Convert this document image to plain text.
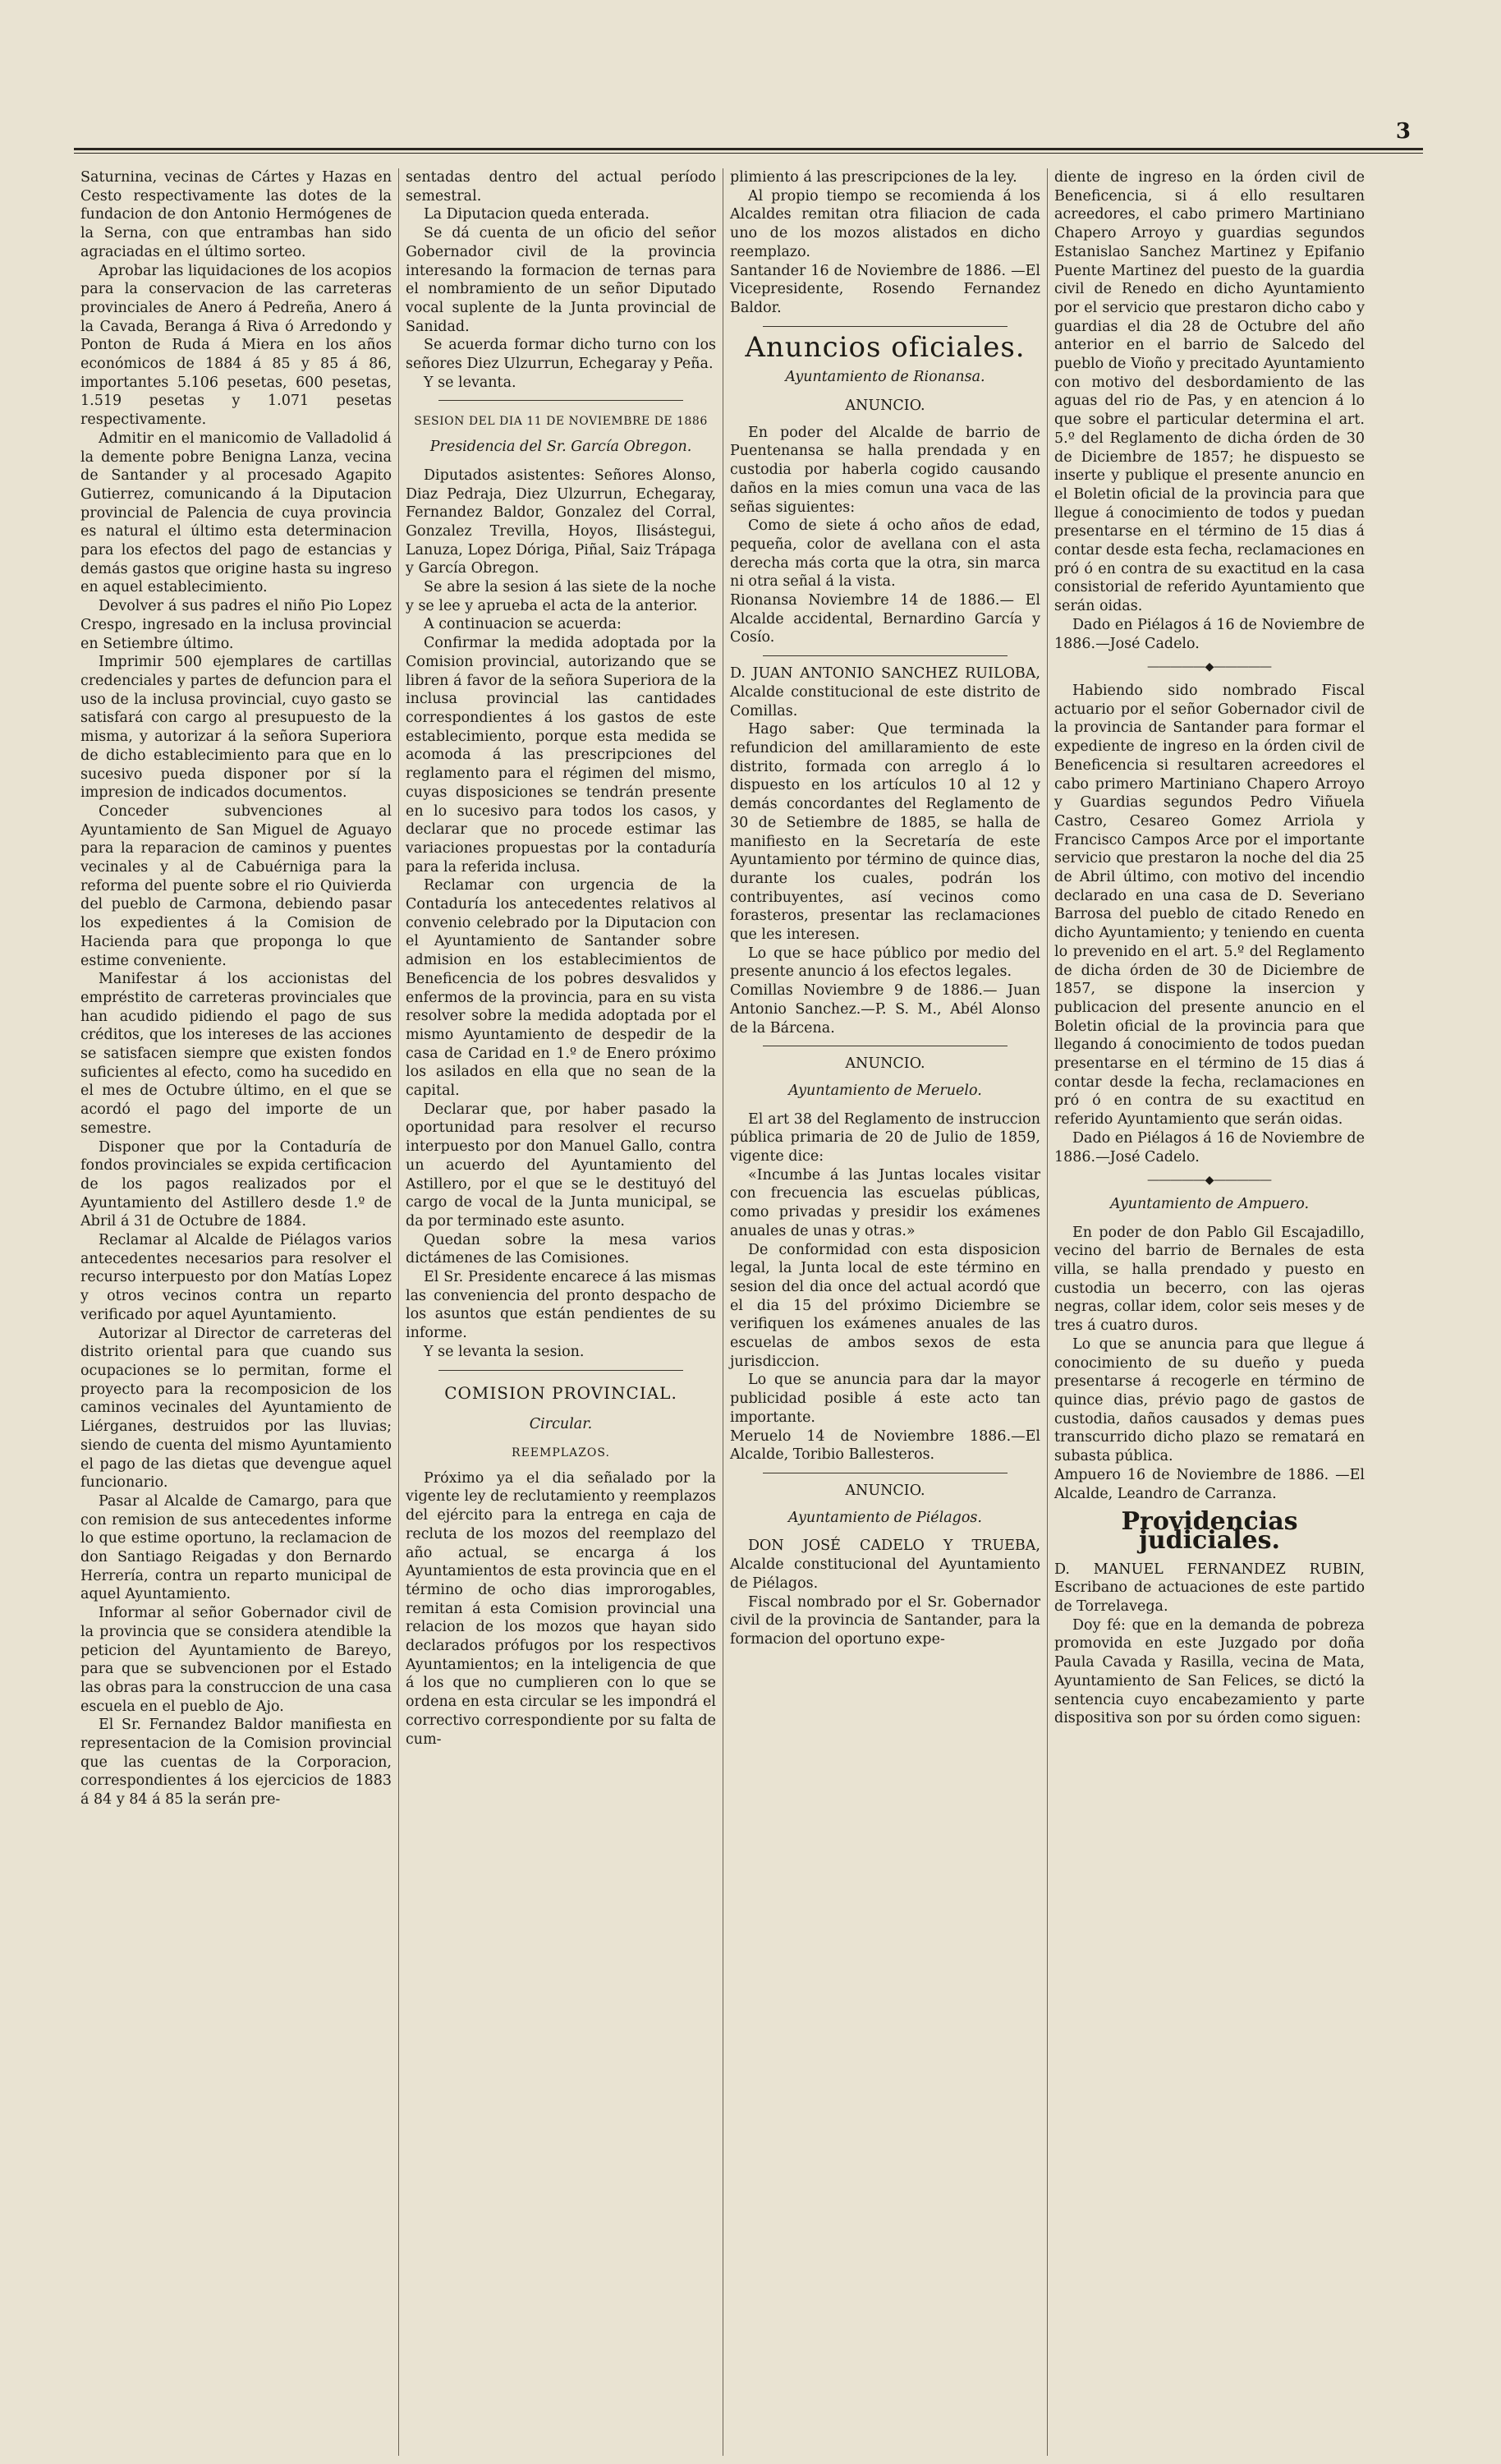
3

Saturnina, vecinas de Cártes y Hazas en Cesto respectivamente las dotes de la fundacion de don Antonio Hermógenes de la Serna, con que entrambas han sido agraciadas en el último sorteo.

Aprobar las liquidaciones de los acopios para la conservacion de las carreteras provinciales de Anero á Pedreña, Anero á la Cavada, Beranga á Riva ó Arredondo y Ponton de Ruda á Miera en los años económicos de 1884 á 85 y 85 á 86, importantes 5.106 pesetas, 600 pesetas, 1.519 pesetas y 1.071 pesetas respectivamente.

Admitir en el manicomio de Valladolid á la demente pobre Benigna Lanza, vecina de Santander y al procesado Agapito Gutierrez, comunicando á la Diputacion provincial de Palencia de cuya provincia es natural el último esta determinacion para los efectos del pago de estancias y demás gastos que origine hasta su ingreso en aquel establecimiento.

Devolver á sus padres el niño Pio Lopez Crespo, ingresado en la inclusa provincial en Setiembre último.

Imprimir 500 ejemplares de cartillas credenciales y partes de defuncion para el uso de la inclusa provincial, cuyo gasto se satisfará con cargo al presupuesto de la misma, y autorizar á la señora Superiora de dicho establecimiento para que en lo sucesivo pueda disponer por sí la impresion de indicados documentos.

Conceder subvenciones al Ayuntamiento de San Miguel de Aguayo para la reparacion de caminos y puentes vecinales y al de Cabuérniga para la reforma del puente sobre el rio Quivierda del pueblo de Carmona, debiendo pasar los expedientes á la Comision de Hacienda para que proponga lo que estime conveniente.

Manifestar á los accionistas del empréstito de carreteras provinciales que han acudido pidiendo el pago de sus créditos, que los intereses de las acciones se satisfacen siempre que existen fondos suficientes al efecto, como ha sucedido en el mes de Octubre último, en el que se acordó el pago del importe de un semestre.

Disponer que por la Contaduría de fondos provinciales se expida certificacion de los pagos realizados por el Ayuntamiento del Astillero desde 1.º de Abril á 31 de Octubre de 1884.

Reclamar al Alcalde de Piélagos varios antecedentes necesarios para resolver el recurso interpuesto por don Matías Lopez y otros vecinos contra un reparto verificado por aquel Ayuntamiento.

Autorizar al Director de carreteras del distrito oriental para que cuando sus ocupaciones se lo permitan, forme el proyecto para la recomposicion de los caminos vecinales del Ayuntamiento de Liérganes, destruidos por las lluvias; siendo de cuenta del mismo Ayuntamiento el pago de las dietas que devengue aquel funcionario.

Pasar al Alcalde de Camargo, para que con remision de sus antecedentes informe lo que estime oportuno, la reclamacion de don Santiago Reigadas y don Bernardo Herrería, contra un reparto municipal de aquel Ayuntamiento.

Informar al señor Gobernador civil de la provincia que se considera atendible la peticion del Ayuntamiento de Bareyo, para que se subvencionen por el Estado las obras para la construccion de una casa escuela en el pueblo de Ajo.

El Sr. Fernandez Baldor manifiesta en representacion de la Comision provincial que las cuentas de la Corporacion, correspondientes á los ejercicios de 1883 á 84 y 84 á 85 la serán pre-

sentadas dentro del actual período semestral.

La Diputacion queda enterada.

Se dá cuenta de un oficio del señor Gobernador civil de la provincia interesando la formacion de ternas para el nombramiento de un señor Diputado vocal suplente de la Junta provincial de Sanidad.

Se acuerda formar dicho turno con los señores Diez Ulzurrun, Echegaray y Peña.

Y se levanta.

SESION DEL DIA 11 DE NOVIEMBRE DE 1886

Presidencia del Sr. García Obregon.

Diputados asistentes: Señores Alonso, Diaz Pedraja, Diez Ulzurrun, Echegaray, Fernandez Baldor, Gonzalez del Corral, Gonzalez Trevilla, Hoyos, Ilisástegui, Lanuza, Lopez Dóriga, Piñal, Saiz Trápaga y García Obregon.

Se abre la sesion á las siete de la noche y se lee y aprueba el acta de la anterior.

A continuacion se acuerda:

Confirmar la medida adoptada por la Comision provincial, autorizando que se libren á favor de la señora Superiora de la inclusa provincial las cantidades correspondientes á los gastos de este establecimiento, porque esta medida se acomoda á las prescripciones del reglamento para el régimen del mismo, cuyas disposiciones se tendrán presente en lo sucesivo para todos los casos, y declarar que no procede estimar las variaciones propuestas por la contaduría para la referida inclusa.

Reclamar con urgencia de la Contaduría los antecedentes relativos al convenio celebrado por la Diputacion con el Ayuntamiento de Santander sobre admision en los establecimientos de Beneficencia de los pobres desvalidos y enfermos de la provincia, para en su vista resolver sobre la medida adoptada por el mismo Ayuntamiento de despedir de la casa de Caridad en 1.º de Enero próximo los asilados en ella que no sean de la capital.

Declarar que, por haber pasado la oportunidad para resolver el recurso interpuesto por don Manuel Gallo, contra un acuerdo del Ayuntamiento del Astillero, por el que se le destituyó del cargo de vocal de la Junta municipal, se da por terminado este asunto.

Quedan sobre la mesa varios dictámenes de las Comisiones.

El Sr. Presidente encarece á las mismas las conveniencia del pronto despacho de los asuntos que están pendientes de su informe.

Y se levanta la sesion.

COMISION PROVINCIAL.

Circular.

REEMPLAZOS.

Próximo ya el dia señalado por la vigente ley de reclutamiento y reemplazos del ejército para la entrega en caja de recluta de los mozos del reemplazo del año actual, se encarga á los Ayuntamientos de esta provincia que en el término de ocho dias improrogables, remitan á esta Comision provincial una relacion de los mozos que hayan sido declarados prófugos por los respectivos Ayuntamientos; en la inteligencia de que á los que no cumplieren con lo que se ordena en esta circular se les impondrá el correctivo correspondiente por su falta de cum-

plimiento á las prescripciones de la ley.

Al propio tiempo se recomienda á los Alcaldes remitan otra filiacion de cada uno de los mozos alistados en dicho reemplazo.

Santander 16 de Noviembre de 1886. —El Vicepresidente, Rosendo Fernandez Baldor.

Anuncios oficiales.

Ayuntamiento de Rionansa.

ANUNCIO.

En poder del Alcalde de barrio de Puentenansa se halla prendada y en custodia por haberla cogido causando daños en la mies comun una vaca de las señas siguientes:

Como de siete á ocho años de edad, pequeña, color de avellana con el asta derecha más corta que la otra, sin marca ni otra señal á la vista.

Rionansa Noviembre 14 de 1886.— El Alcalde accidental, Bernardino García y Cosío.

D. JUAN ANTONIO SANCHEZ RUILOBA, Alcalde constitucional de este distrito de Comillas.

Hago saber: Que terminada la refundicion del amillaramiento de este distrito, formada con arreglo á lo dispuesto en los artículos 10 al 12 y demás concordantes del Reglamento de 30 de Setiembre de 1885, se halla de manifiesto en la Secretaría de este Ayuntamiento por término de quince dias, durante los cuales, podrán los contribuyentes, así vecinos como forasteros, presentar las reclamaciones que les interesen.

Lo que se hace público por medio del presente anuncio á los efectos legales.

Comillas Noviembre 9 de 1886.— Juan Antonio Sanchez.—P. S. M., Abél Alonso de la Bárcena.

ANUNCIO.

Ayuntamiento de Meruelo.

El art 38 del Reglamento de instruccion pública primaria de 20 de Julio de 1859, vigente dice:

«Incumbe á las Juntas locales visitar con frecuencia las escuelas públicas, como privadas y presidir los exámenes anuales de unas y otras.»

De conformidad con esta disposicion legal, la Junta local de este término en sesion del dia once del actual acordó que el dia 15 del próximo Diciembre se verifiquen los exámenes anuales de las escuelas de ambos sexos de esta jurisdiccion.

Lo que se anuncia para dar la mayor publicidad posible á este acto tan importante.

Meruelo 14 de Noviembre 1886.—El Alcalde, Toribio Ballesteros.

ANUNCIO.

Ayuntamiento de Piélagos.

DON JOSÉ CADELO Y TRUEBA, Alcalde constitucional del Ayuntamiento de Piélagos.

Fiscal nombrado por el Sr. Gobernador civil de la provincia de Santander, para la formacion del oportuno expe-

diente de ingreso en la órden civil de Beneficencia, si á ello resultaren acreedores, el cabo primero Martiniano Chapero Arroyo y guardias segundos Estanislao Sanchez Martinez y Epifanio Puente Martinez del puesto de la guardia civil de Renedo en dicho Ayuntamiento por el servicio que prestaron dicho cabo y guardias el dia 28 de Octubre del año anterior en el barrio de Salcedo del pueblo de Vioño y precitado Ayuntamiento con motivo del desbordamiento de las aguas del rio de Pas, y en atencion á lo que sobre el particular determina el art. 5.º del Reglamento de dicha órden de 30 de Diciembre de 1857; he dispuesto se inserte y publique el presente anuncio en el Boletin oficial de la provincia para que llegue á conocimiento de todos y puedan presentarse en el término de 15 dias á contar desde esta fecha, reclamaciones en pró ó en contra de su exactitud en la casa consistorial de referido Ayuntamiento que serán oidas.

Dado en Piélagos á 16 de Noviembre de 1886.—José Cadelo.

―――――◆―――――

Habiendo sido nombrado Fiscal actuario por el señor Gobernador civil de la provincia de Santander para formar el expediente de ingreso en la órden civil de Beneficencia si resultaren acreedores el cabo primero Martiniano Chapero Arroyo y Guardias segundos Pedro Viñuela Castro, Cesareo Gomez Arriola y Francisco Campos Arce por el importante servicio que prestaron la noche del dia 25 de Abril último, con motivo del incendio declarado en una casa de D. Severiano Barrosa del pueblo de citado Renedo en dicho Ayuntamiento; y teniendo en cuenta lo prevenido en el art. 5.º del Reglamento de dicha órden de 30 de Diciembre de 1857, se dispone la insercion y publicacion del presente anuncio en el Boletin oficial de la provincia para que llegando á conocimiento de todos puedan presentarse en el término de 15 dias á contar desde la fecha, reclamaciones en pró ó en contra de su exactitud en referido Ayuntamiento que serán oidas.

Dado en Piélagos á 16 de Noviembre de 1886.—José Cadelo.

―――――◆―――――

Ayuntamiento de Ampuero.

En poder de don Pablo Gil Escajadillo, vecino del barrio de Bernales de esta villa, se halla prendado y puesto en custodia un becerro, con las ojeras negras, collar idem, color seis meses y de tres á cuatro duros.

Lo que se anuncia para que llegue á conocimiento de su dueño y pueda presentarse á recogerle en término de quince dias, prévio pago de gastos de custodia, daños causados y demas pues transcurrido dicho plazo se rematará en subasta pública.

Ampuero 16 de Noviembre de 1886. —El Alcalde, Leandro de Carranza.

Providencias judiciales.

D. MANUEL FERNANDEZ RUBIN, Escribano de actuaciones de este partido de Torrelavega.

Doy fé: que en la demanda de pobreza promovida en este Juzgado por doña Paula Cavada y Rasilla, vecina de Mata, Ayuntamiento de San Felices, se dictó la sentencia cuyo encabezamiento y parte dispositiva son por su órden como siguen:
